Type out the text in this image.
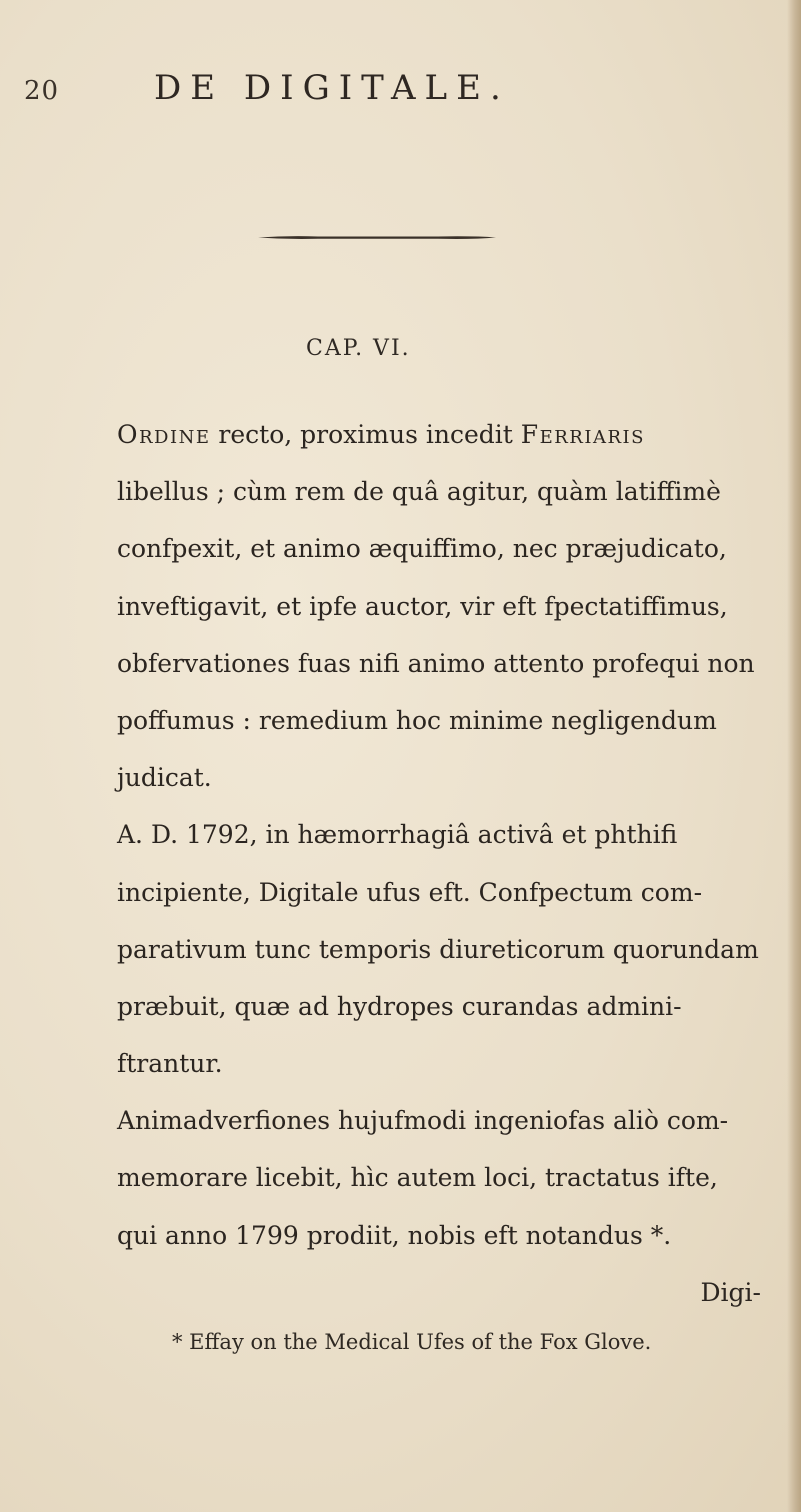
20	DE DIGITALE.
CAP. VI.
Ordine recto, proximus incedit Ferriaris
libellus ; cùm rem de quâ agitur, quàm latiffimè
confpexit, et animo æquiffimo, nec præjudicato,
inveftigavit, et ipfe auctor, vir eft fpectatiffimus,
obfervationes fuas nifi animo attento profequi non
poffumus : remedium hoc minime negligendum
judicat.
A. D. 1792, in hæmorrhagiâ activâ et phthifi
incipiente, Digitale ufus eft. Confpectum com-
parativum tunc temporis diureticorum quorundam
præbuit, quæ ad hydropes curandas admini-
ftrantur.
Animadverfiones hujufmodi ingeniofas aliò com-
memorare licebit, hìc autem loci, tractatus ifte,
qui anno 1799 prodiit, nobis eft notandus *.
Digi-
* Effay on the Medical Ufes of the Fox Glove.
